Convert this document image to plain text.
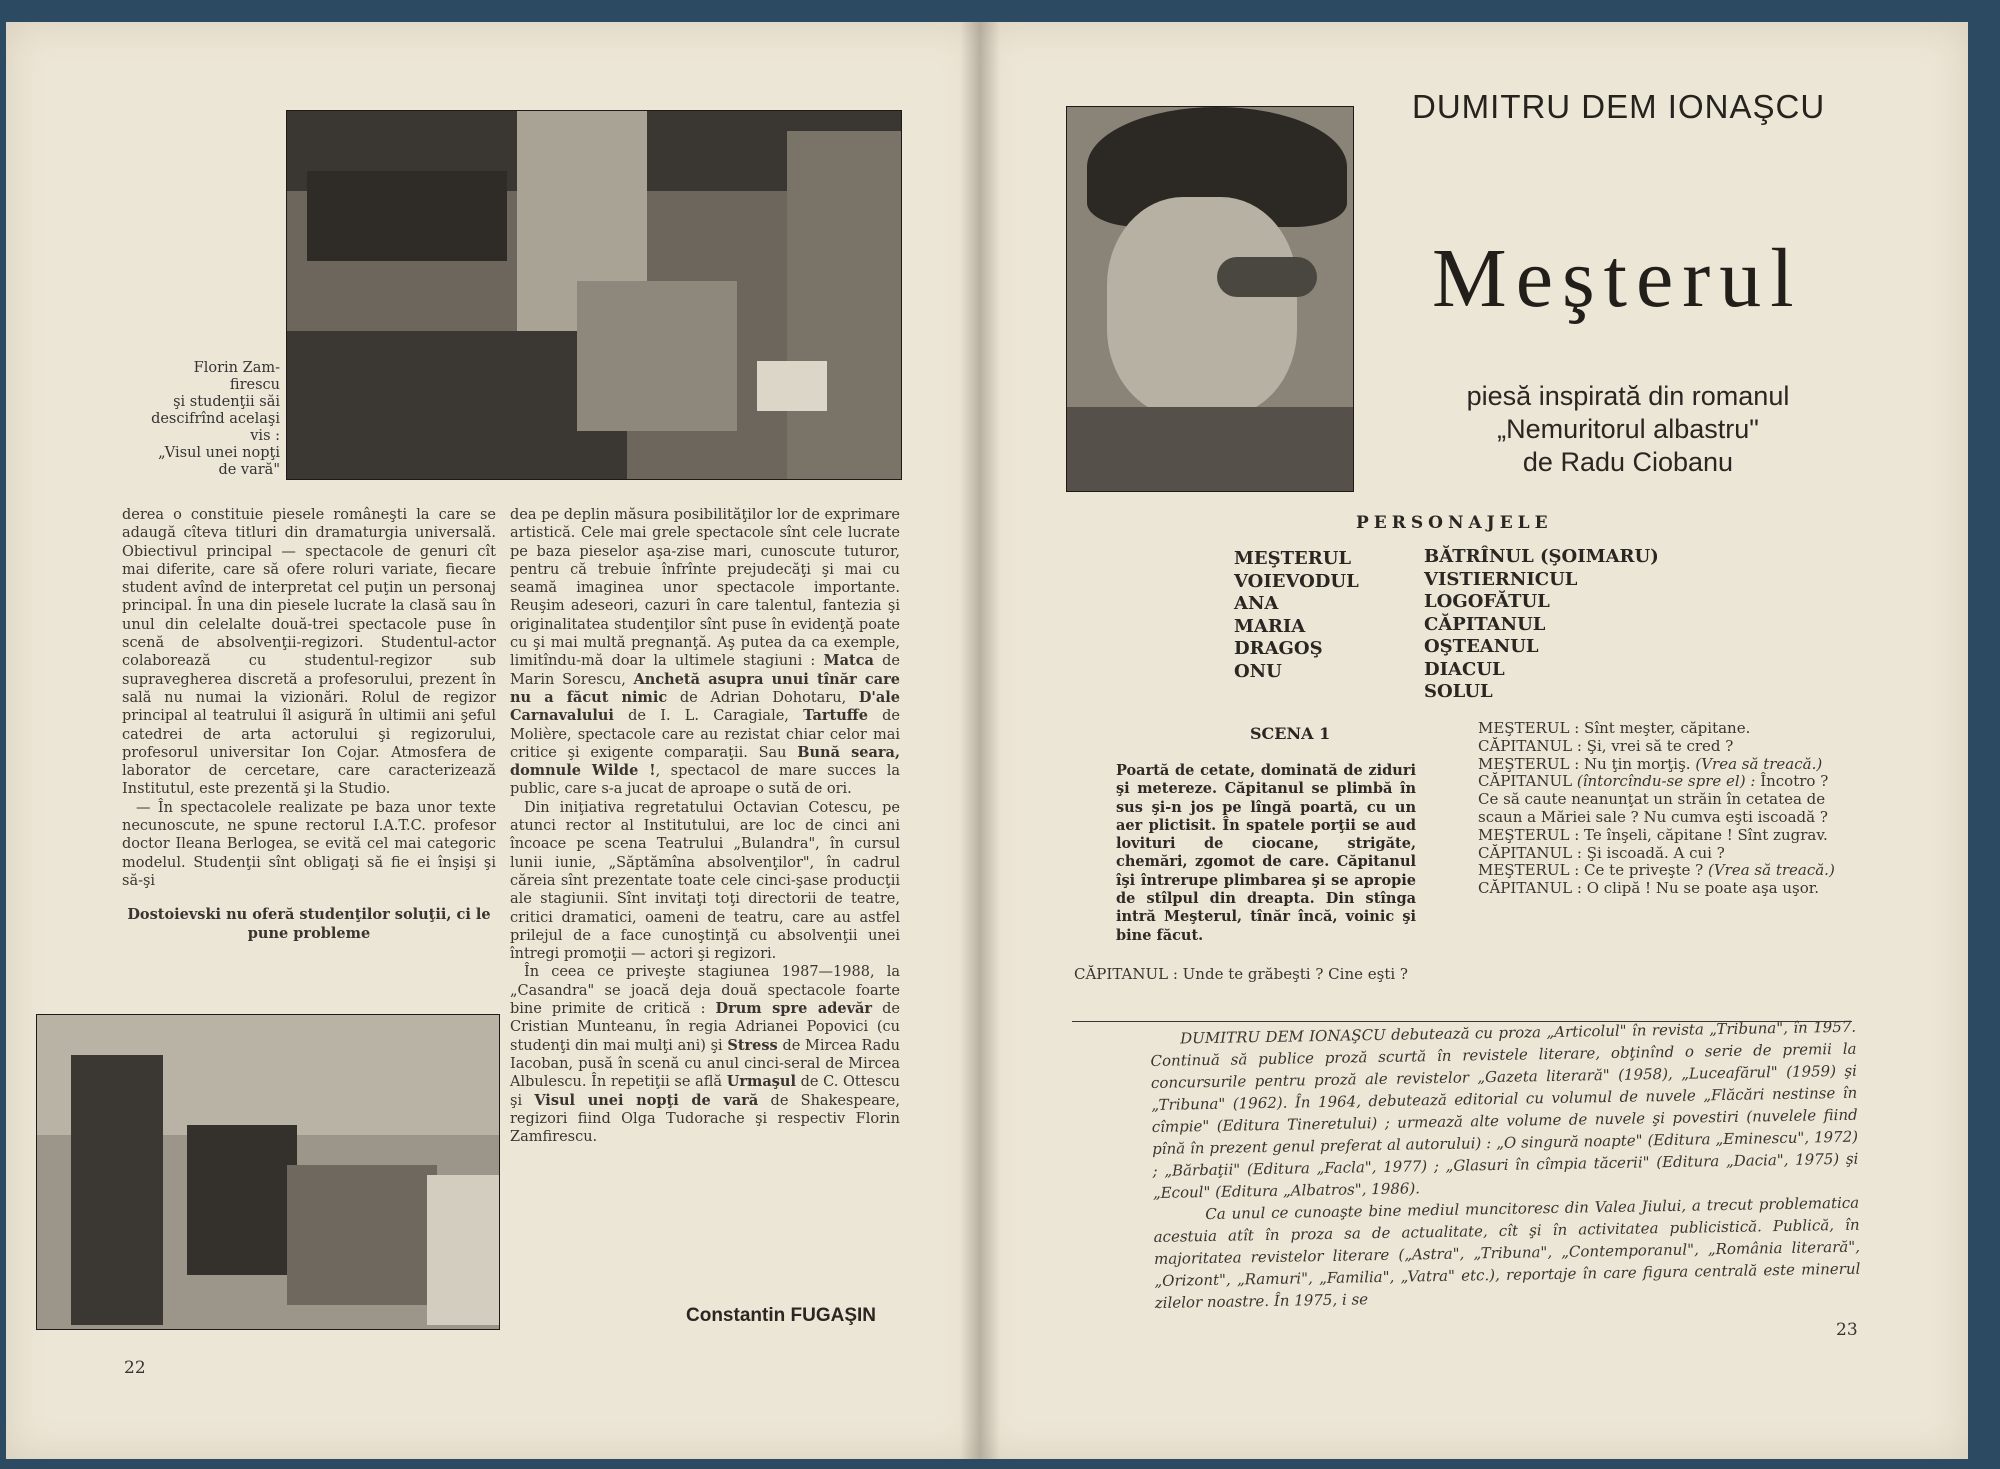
Florin Zam-
firescu
şi studenţii săi
descifrînd acelaşi
vis :
„Visul unei nopţi
de vară"

derea o constituie piesele româneşti la care se adaugă cîteva titluri din dramaturgia universală. Obiectivul principal — spectacole de genuri cît mai diferite, care să ofere roluri variate, fiecare student avînd de interpretat cel puţin un personaj principal. În una din piesele lucrate la clasă sau în unul din celelalte două-trei spectacole puse în scenă de absolvenţii-regizori. Studentul-actor colaborează cu studentul-regizor sub supravegherea discretă a profesorului, prezent în sală nu numai la vizionări. Rolul de regizor principal al teatrului îl asigură în ultimii ani şeful catedrei de arta actorului şi regizorului, profesorul universitar Ion Cojar. Atmosfera de laborator de cercetare, care caracterizează Institutul, este prezentă şi la Studio.

— În spectacolele realizate pe baza unor texte necunoscute, ne spune rectorul I.A.T.C. profesor doctor Ileana Berlogea, se evită cel mai categoric modelul. Studenţii sînt obligaţi să fie ei înşişi şi să-şi

Dostoievski nu oferă studenţilor soluţii, ci le pune probleme

dea pe deplin măsura posibilităţilor lor de exprimare artistică. Cele mai grele spectacole sînt cele lucrate pe baza pieselor aşa-zise mari, cunoscute tuturor, pentru că trebuie înfrînte prejudecăţi şi mai cu seamă imaginea unor spectacole importante. Reuşim adeseori, cazuri în care talentul, fantezia şi originalitatea studenţilor sînt puse în evidenţă poate cu şi mai multă pregnanţă. Aş putea da ca exemple, limitîndu-mă doar la ultimele stagiuni : Matca de Marin Sorescu, Anchetă asupra unui tînăr care nu a făcut nimic de Adrian Dohotaru, D'ale Carnavalului de I. L. Caragiale, Tartuffe de Molière, spectacole care au rezistat chiar celor mai critice şi exigente comparaţii. Sau Bună seara, domnule Wilde !, spectacol de mare succes la public, care s-a jucat de aproape o sută de ori.

Din iniţiativa regretatului Octavian Cotescu, pe atunci rector al Institutului, are loc de cinci ani încoace pe scena Teatrului „Bulandra", în cursul lunii iunie, „Săptămîna absolvenţilor", în cadrul căreia sînt prezentate toate cele cinci-şase producţii ale stagiunii. Sînt invitaţi toţi directorii de teatre, critici dramatici, oameni de teatru, care au astfel prilejul de a face cunoştinţă cu absolvenţii unei întregi promoţii — actori şi regizori.

În ceea ce priveşte stagiunea 1987—1988, la „Casandra" se joacă deja două spectacole foarte bine primite de critică : Drum spre adevăr de Cristian Munteanu, în regia Adrianei Popovici (cu studenţi din mai mulţi ani) şi Stress de Mircea Radu Iacoban, pusă în scenă cu anul cinci-seral de Mircea Albulescu. În repetiţii se află Urmaşul de C. Ottescu şi Visul unei nopţi de vară de Shakespeare, regizori fiind Olga Tudorache şi respectiv Florin Zamfirescu.

Constantin FUGAŞIN
22
DUMITRU DEM IONAŞCU
Meşterul
piesă inspirată din romanul
„Nemuritorul albastru"
de Radu Ciobanu
PERSONAJELE
MEŞTERUL
VOIEVODUL
ANA
MARIA
DRAGOŞ
ONU
BĂTRÎNUL (ŞOIMARU)
VISTIERNICUL
LOGOFĂTUL
CĂPITANUL
OŞTEANUL
DIACUL
SOLUL
SCENA 1

Poartă de cetate, dominată de ziduri şi metereze. Căpitanul se plimbă în sus şi-n jos pe lîngă poartă, cu un aer plictisit. În spatele porţii se aud lovituri de ciocane, strigăte, chemări, zgomot de care. Căpitanul îşi întrerupe plimbarea şi se apropie de stîlpul din dreapta. Din stînga intră Meşterul, tînăr încă, voinic şi bine făcut.

CĂPITANUL : Unde te grăbeşti ? Cine eşti ?

MEŞTERUL : Sînt meşter, căpitane.

CĂPITANUL : Şi, vrei să te cred ?

MEŞTERUL : Nu ţin morţiş. (Vrea să treacă.)

CĂPITANUL (întorcîndu-se spre el) : Încotro ? Ce să caute neanunţat un străin în cetatea de scaun a Măriei sale ? Nu cumva eşti iscoadă ?

MEŞTERUL : Te înşeli, căpitane ! Sînt zugrav.

CĂPITANUL : Şi iscoadă. A cui ?

MEŞTERUL : Ce te priveşte ? (Vrea să treacă.)

CĂPITANUL : O clipă ! Nu se poate aşa uşor.

DUMITRU DEM IONAŞCU debutează cu proza „Articolul" în revista „Tribuna", în 1957. Continuă să publice proză scurtă în revistele literare, obţinînd o serie de premii la concursurile pentru proză ale revistelor „Gazeta literară" (1958), „Luceafărul" (1959) şi „Tribuna" (1962). În 1964, debutează editorial cu volumul de nuvele „Flăcări nestinse în cîmpie" (Editura Tineretului) ; urmează alte volume de nuvele şi povestiri (nuvelele fiind pînă în prezent genul preferat al autorului) : „O singură noapte" (Editura „Eminescu", 1972) ; „Bărbaţii" (Editura „Facla", 1977) ; „Glasuri în cîmpia tăcerii" (Editura „Dacia", 1975) şi „Ecoul" (Editura „Albatros", 1986).

Ca unul ce cunoaşte bine mediul muncitoresc din Valea Jiului, a trecut problematica acestuia atît în proza sa de actualitate, cît şi în activitatea publicistică. Publică, în majoritatea revistelor literare („Astra", „Tribuna", „Contemporanul", „România literară", „Orizont", „Ramuri", „Familia", „Vatra" etc.), reportaje în care figura centrală este minerul zilelor noastre. În 1975, i se

23
